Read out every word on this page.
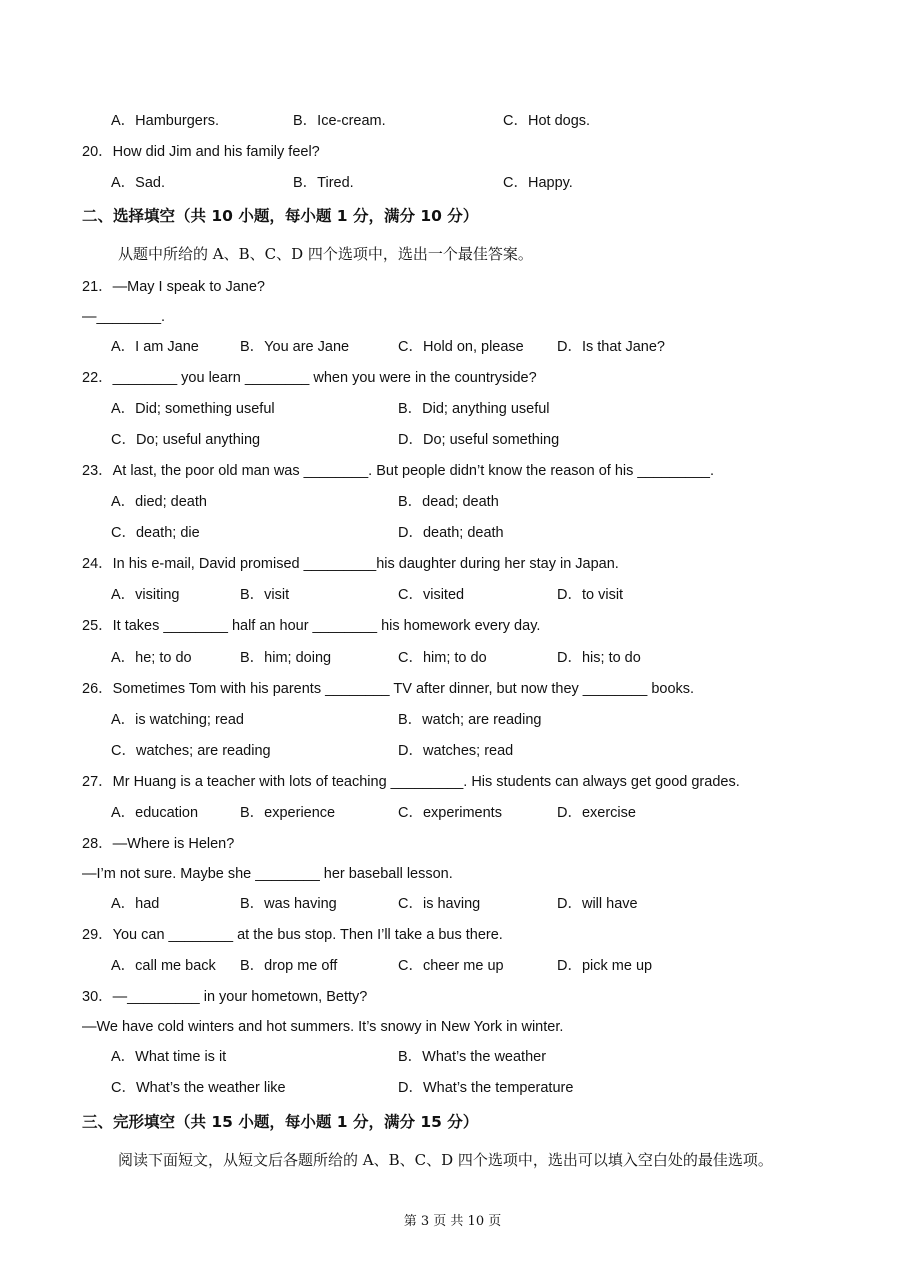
A．Hamburgers.	B．Ice-cream.	C．Hot dogs.
20．How did Jim and his family feel?
A．Sad.	B．Tired.	C．Happy.
二、选择填空（共 10 小题，每小题 1 分，满分 10 分）
从题中所给的 A、B、C、D 四个选项中，选出一个最佳答案。
21．—May I speak to Jane?
—________.
A．I am Jane	B．You are Jane	C．Hold on, please D．Is that Jane?
22．________ you learn ________ when you were in the countryside?
A．Did; something useful	B．Did; anything useful
C．Do; useful anything	D．Do; useful something
23．At last, the poor old man was ________. But people didn’t know the reason of his _________.
A．died; death	B．dead; death
C．death; die	D．death; death
24．In his e-mail, David promised _________his daughter during her stay in Japan.
A．visiting	B．visit	C．visited	D．to visit
25．It takes ________ half an hour ________ his homework every day.
A．he; to do	B．him; doing	C．him; to do	D．his; to do
26．Sometimes Tom with his parents ________ TV after dinner, but now they ________ books.
A．is watching; read	B．watch; are reading
C．watches; are reading	D．watches; read
27．Mr Huang is a teacher with lots of teaching _________. His students can always get good grades.
A．education	B．experience	C．experiments	D．exercise
28．—Where is Helen?
—I’m not sure. Maybe she ________ her baseball lesson.
A．had	B．was having	C．is having	D．will have
29．You can ________ at the bus stop. Then I’ll take a bus there.
A．call me back B．drop me off	C．cheer me up	D．pick me up
30．—_________ in your hometown, Betty?
—We have cold winters and hot summers. It’s snowy in New York in winter.
A．What time is it	B．What’s the weather
C．What’s the weather like	D．What’s the temperature
三、完形填空（共 15 小题，每小题 1 分，满分 15 分）
阅读下面短文，从短文后各题所给的 A、B、C、D 四个选项中，选出可以填入空白处的最佳选项。
第 3 页 共 10 页
